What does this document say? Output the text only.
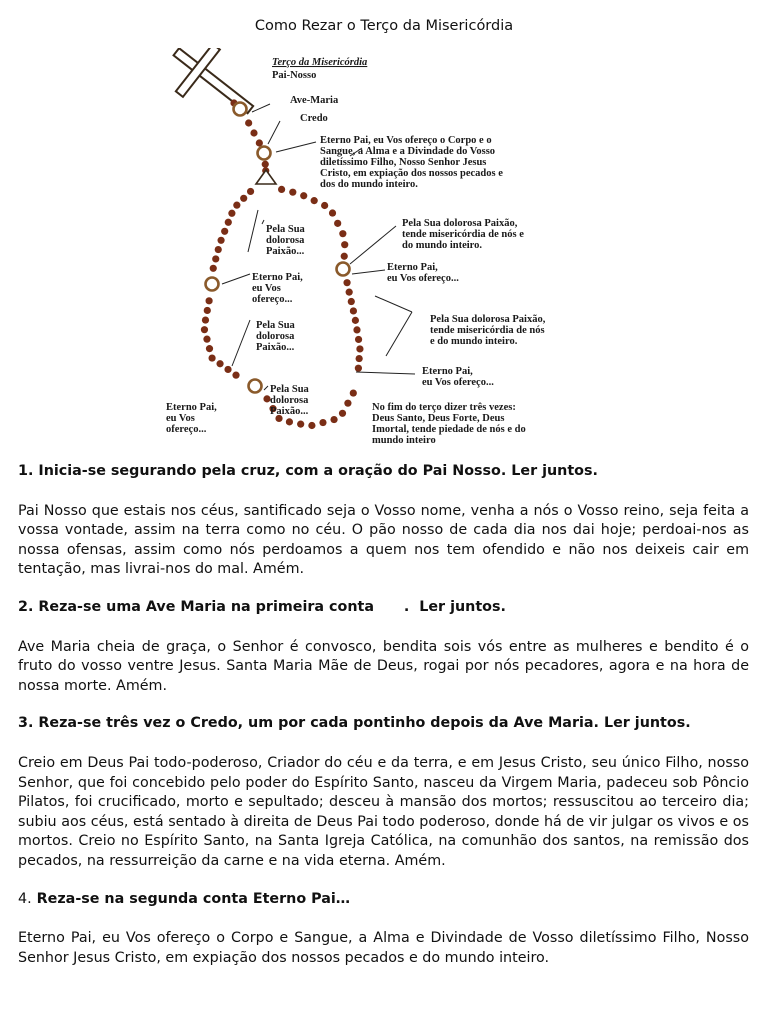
Como Rezar o Terço da Misericórdia
Terço da Misericórdia
Pai-Nosso
Ave-Maria
Credo
Eterno Pai, eu Vos ofereço o Corpo e o Sangue, a Alma e a Divindade do Vosso diletíssimo Filho, Nosso Senhor Jesus Cristo, em expiação dos nossos pecados e dos do mundo inteiro.
Pela Sua dolorosa Paixão, tende misericórdia de nós e do mundo inteiro.
Pela Sua dolorosa Paixão...
Eterno Pai, eu Vos ofereço...
Eterno Pai, eu Vos ofereço...
Pela Sua dolorosa Paixão...
Pela Sua dolorosa Paixão, tende misericórdia de nós e do mundo inteiro.
Eterno Pai, eu Vos ofereço...
Pela Sua dolorosa Paixão...
Eterno Pai, eu Vos ofereço...
No fim do terço dizer três vezes: Deus Santo, Deus Forte, Deus Imortal, tende piedade de nós e do mundo inteiro
1. Inicia-se segurando pela cruz, com a oração do Pai Nosso. Ler juntos.

Pai Nosso que estais nos céus, santificado seja o Vosso nome, venha a nós o Vosso reino, seja feita a vossa vontade, assim na terra como no céu. O pão nosso de cada dia nos dai hoje; perdoai-nos as nossa ofensas, assim como nós perdoamos a quem nos tem ofendido e não nos deixeis cair em tentação, mas livrai-nos do mal. Amém.

2. Reza-se uma Ave Maria na primeira conta      .  Ler juntos.

Ave Maria cheia de graça, o Senhor é convosco, bendita sois vós entre as mulheres e bendito é o fruto do vosso ventre Jesus. Santa Maria Mãe de Deus, rogai por nós pecadores, agora e na hora de nossa morte. Amém.

3. Reza-se três vez o Credo, um por cada pontinho depois da Ave Maria. Ler juntos.

Creio em Deus Pai todo-poderoso, Criador do céu e da terra, e em Jesus Cristo, seu único Filho, nosso Senhor, que foi concebido pelo poder do Espírito Santo, nasceu da Virgem Maria, padeceu sob Pôncio Pilatos, foi crucificado, morto e sepultado; desceu à mansão dos mortos; ressuscitou ao terceiro dia; subiu aos céus, está sentado à direita de Deus Pai todo poderoso, donde há de vir julgar os vivos e os mortos. Creio no Espírito Santo, na Santa Igreja Católica, na comunhão dos santos, na remissão dos pecados, na ressurreição da carne e na vida eterna. Amém.

4. Reza-se na segunda conta Eterno Pai…

Eterno Pai, eu Vos ofereço o Corpo e Sangue, a Alma e Divindade de Vosso diletíssimo Filho, Nosso Senhor Jesus Cristo, em expiação dos nossos pecados e do mundo inteiro.
